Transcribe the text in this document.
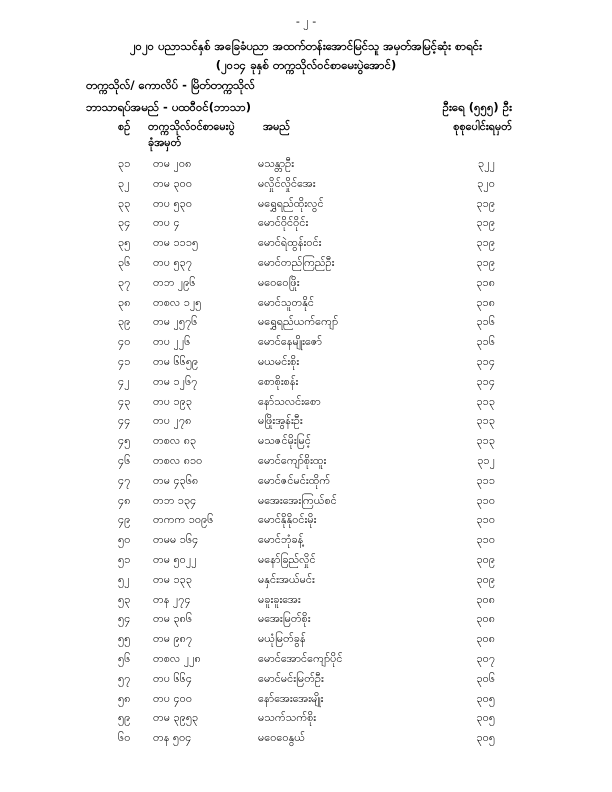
- ၂ -
၂၀၂၀ ပညာသင်နှစ် အခြေခံပညာ အထက်တန်းအောင်မြင်သူ အမှတ်အမြင့်ဆုံး စာရင်း
(၂၀၁၄ ခုနှစ် တက္ကသိုလ်ဝင်စာမေးပွဲအောင်)
တက္ကသိုလ်/ ကောလိပ် - မြိတ်တက္ကသိုလ်
ဘာသာရပ်အမည် - ပထဝီဝင်(ဘာသာ)	ဦးရေ (၅၅၅) ဦး
စဉ် တက္ကသိုလ်ဝင်စာမေးပွဲ
ခုံအမှတ်
အမည်	စုစုပေါင်းရမှတ်
၃၁ တမ ၂၀၈	မသန္တာဦး	၃၂၂
၃၂ တမ ၃၀၀	မလှိုင်လှိုင်အေး	၃၂၀
၃၃ တပ ၅၃၀	မရွှေရည်ထိုးလွင်	၃၁၉
၃၄ တပ ၄	မောင်ဝိုင်ဝိုင်း	၃၁၉
၃၅ တမ ၁၁၁၅	မောင်ရဲထွန်းဝင်း	၃၁၉
၃၆ တပ ၅၃၇	မောင်တည်ကြည်ဦး	၃၁၉
၃၇ တဘ ၂၉၆	မဝေဝေဖြိုး	၃၁၈
၃၈ တစလ ၁၂၅	မောင်သူတနိုင်	၃၁၈
၃၉ တမ ၂၅၇၆	မရွှေရည်ယက်ကျော်	၃၁၆
၄၀ တပ ၂၂၆	မောင်နေမျိုးဇော်	၃၁၆
၄၁ တမ ၆၆၅၉	မယမင်းစိုး	၃၁၄
၄၂ တမ ၁၂၆၇	စောစိုးစန်း	၃၁၄
၄၃ တပ ၁၉၃	နော်သလင်းစော	၃၁၃
၄၄ တပ ၂၇၈	မဖြိုးအွန်းဦး	၃၁၃
၄၅ တစလ ၈၃	မသဇင်မိုးမြင့်	၃၁၃
၄၆ တစလ ၈၁၀	မောင်ကျော်စိုးထူး	၃၁၂
၄၇ တမ ၄၃၆၈	မောင်ဇင်မင်းထိုက်	၃၁၁
၄၈ တဘ ၁၃၄	မအေးအေးကြယ်စင်	၃၁၀
၄၉ တကက ၁၀၉၆	မောင်နိုနိုဝင်းမိုး	၃၁၀
၅၀ တမမ ၁၆၄	မောင်ဘုံခန့်	၃၁၀
၅၁ တမ ၅၀၂၂	မနော်ခြည်လှိုင်	၃၀၉
၅၂ တမ ၁၃၃	မနှင်းအယ်မင်း	၃၀၉
၅၃ တန ၂၇၄	မခူးခူးအေး	၃၀၈
၅၄ တမ ၃၈၆	မအေးမြတ်စိုး	၃၀၈
၅၅ တမ ၉၈၇	မယုံမြတ်ခွန်	၃၀၈
၅၆ တစလ ၂၂၈	မောင်အောင်ကျော်ပိုင်	၃၀၇
၅၇ တပ ၆၆၄	မောင်မင်းမြတ်ဦး	၃၀၆
၅၈ တပ ၄၀၀	နော်အေးအေးမျိုး	၃၀၅
၅၉ တမ ၃၉၅၃	မသက်သက်စိုး	၃၀၅
၆၀ တန ၅၀၄	မဝေဝေနွယ်	၃၀၅
